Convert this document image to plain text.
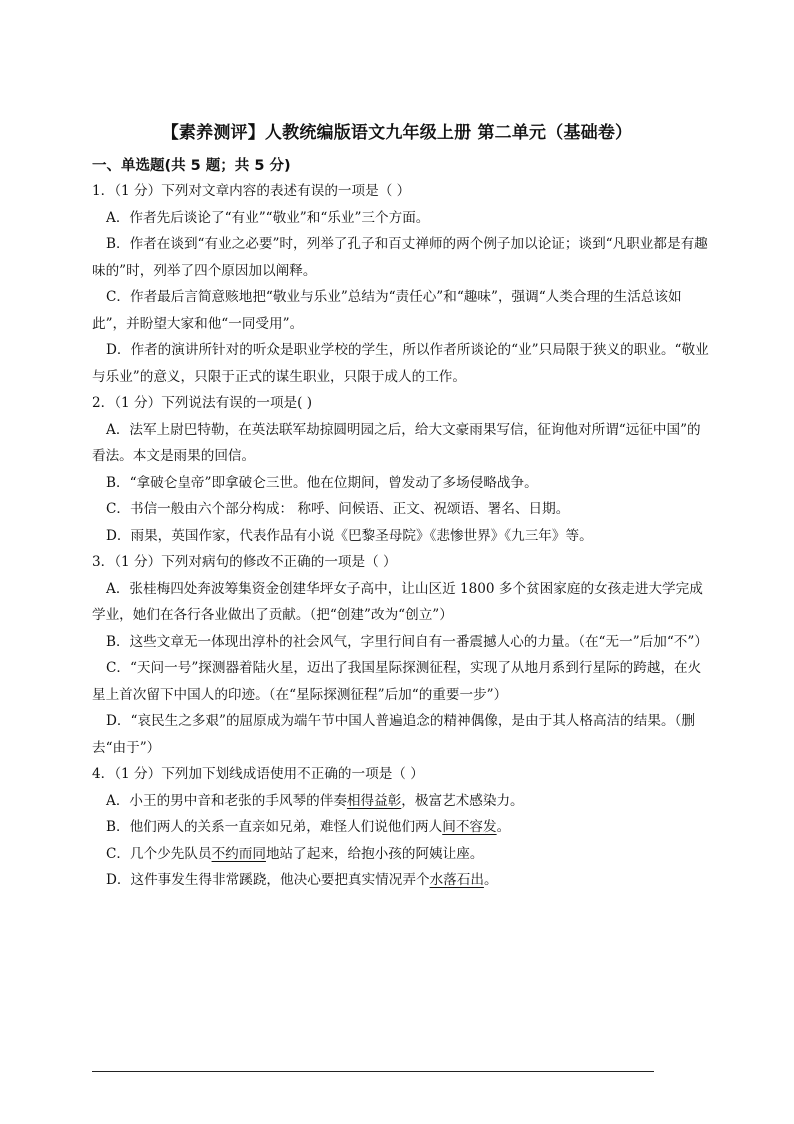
【素养测评】人教统编版语文九年级上册 第二单元（基础卷）
一、单选题(共 5 题；共 5 分)

1．（1 分）下列对文章内容的表述有误的一项是（ ）

A．作者先后谈论了“有业”“敬业”和“乐业”三个方面。

B．作者在谈到“有业之必要”时，列举了孔子和百丈禅师的两个例子加以论证；谈到“凡职业都是有趣味的”时，列举了四个原因加以阐释。

C．作者最后言简意赅地把“敬业与乐业”总结为“责任心”和“趣味”，强调“人类合理的生活总该如此”，并盼望大家和他“一同受用”。

D．作者的演讲所针对的听众是职业学校的学生，所以作者所谈论的“业”只局限于狭义的职业。“敬业与乐业”的意义，只限于正式的谋生职业，只限于成人的工作。

2．（1 分）下列说法有误的一项是( )

A．法军上尉巴特勒，在英法联军劫掠圆明园之后，给大文豪雨果写信，征询他对所谓“远征中国”的看法。本文是雨果的回信。

B．“拿破仑皇帝”即拿破仑三世。他在位期间，曾发动了多场侵略战争。

C．书信一般由六个部分构成： 称呼、问候语、正文、祝颂语、署名、日期。

D．雨果，英国作家，代表作品有小说《巴黎圣母院》《悲惨世界》《九三年》等。

3．（1 分）下列对病句的修改不正确的一项是（ ）

A．张桂梅四处奔波筹集资金创建华坪女子高中，让山区近 1800 多个贫困家庭的女孩走进大学完成学业，她们在各行各业做出了贡献。（把“创建”改为“创立”）

B．这些文章无一体现出淳朴的社会风气，字里行间自有一番震撼人心的力量。（在“无一”后加“不”）

C．“天问一号”探测器着陆火星，迈出了我国星际探测征程，实现了从地月系到行星际的跨越，在火星上首次留下中国人的印迹。（在“星际探测征程”后加“的重要一步”）

D．“哀民生之多艰”的屈原成为端午节中国人普遍追念的精神偶像，是由于其人格高洁的结果。（删去“由于”）

4．（1 分）下列加下划线成语使用不正确的一项是（ ）

A．小王的男中音和老张的手风琴的伴奏相得益彰，极富艺术感染力。

B．他们两人的关系一直亲如兄弟，难怪人们说他们两人间不容发。

C．几个少先队员不约而同地站了起来，给抱小孩的阿姨让座。

D．这件事发生得非常蹊跷，他决心要把真实情况弄个水落石出。
